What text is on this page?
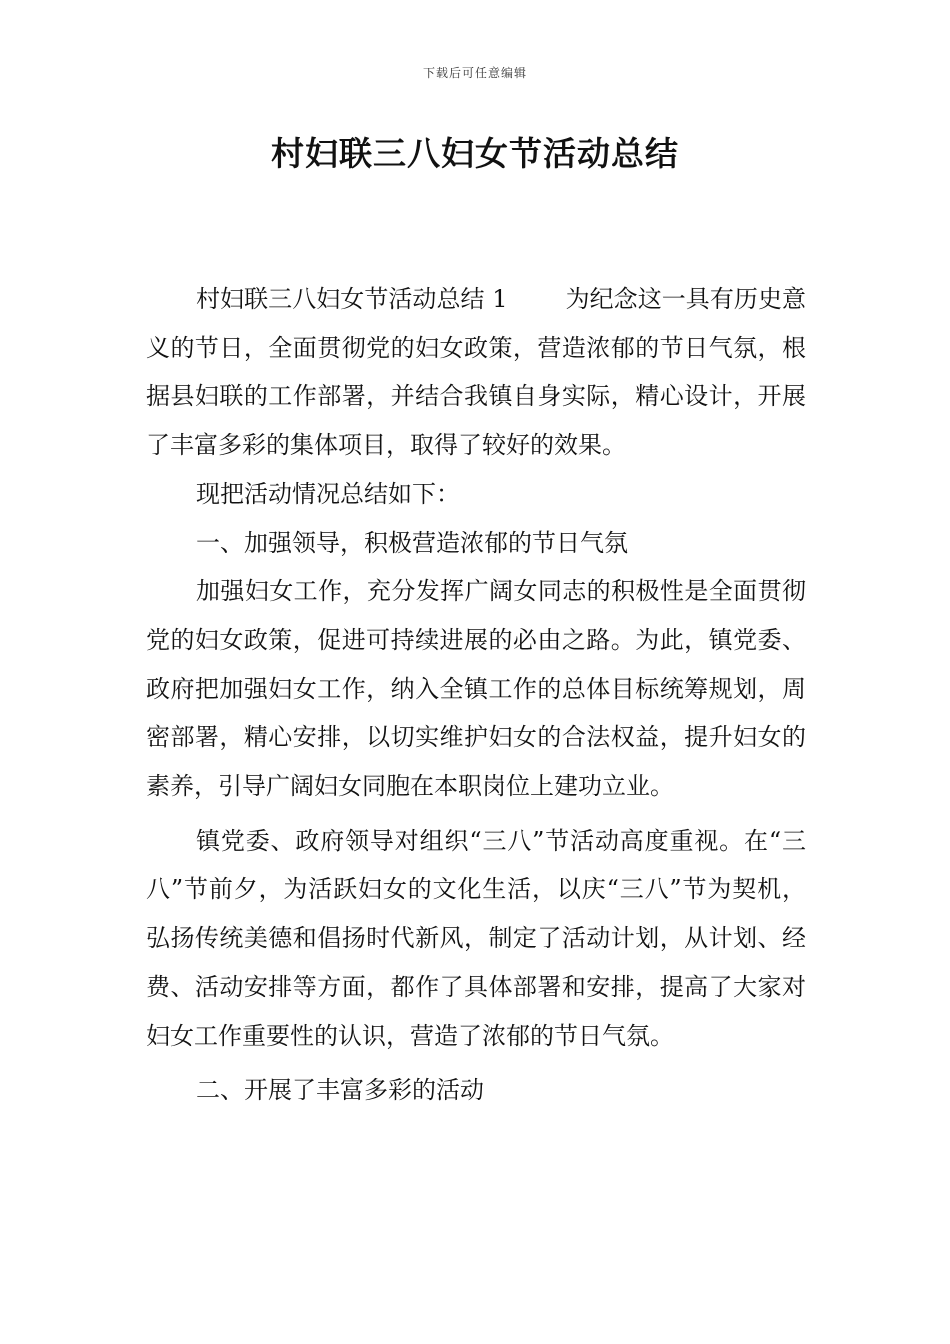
下载后可任意编辑
村妇联三八妇女节活动总结

村妇联三八妇女节活动总结 1 为纪念这一具有历史意义的节日，全面贯彻党的妇女政策，营造浓郁的节日气氛，根据县妇联的工作部署，并结合我镇自身实际，精心设计，开展了丰富多彩的集体项目，取得了较好的效果。

现把活动情况总结如下：

一、加强领导，积极营造浓郁的节日气氛

加强妇女工作，充分发挥广阔女同志的积极性是全面贯彻党的妇女政策，促进可持续进展的必由之路。为此，镇党委、政府把加强妇女工作，纳入全镇工作的总体目标统筹规划，周密部署，精心安排，以切实维护妇女的合法权益，提升妇女的素养，引导广阔妇女同胞在本职岗位上建功立业。

镇党委、政府领导对组织“三八”节活动高度重视。在“三八”节前夕，为活跃妇女的文化生活，以庆“三八”节为契机，弘扬传统美德和倡扬时代新风，制定了活动计划，从计划、经费、活动安排等方面，都作了具体部署和安排，提高了大家对妇女工作重要性的认识，营造了浓郁的节日气氛。

二、开展了丰富多彩的活动
